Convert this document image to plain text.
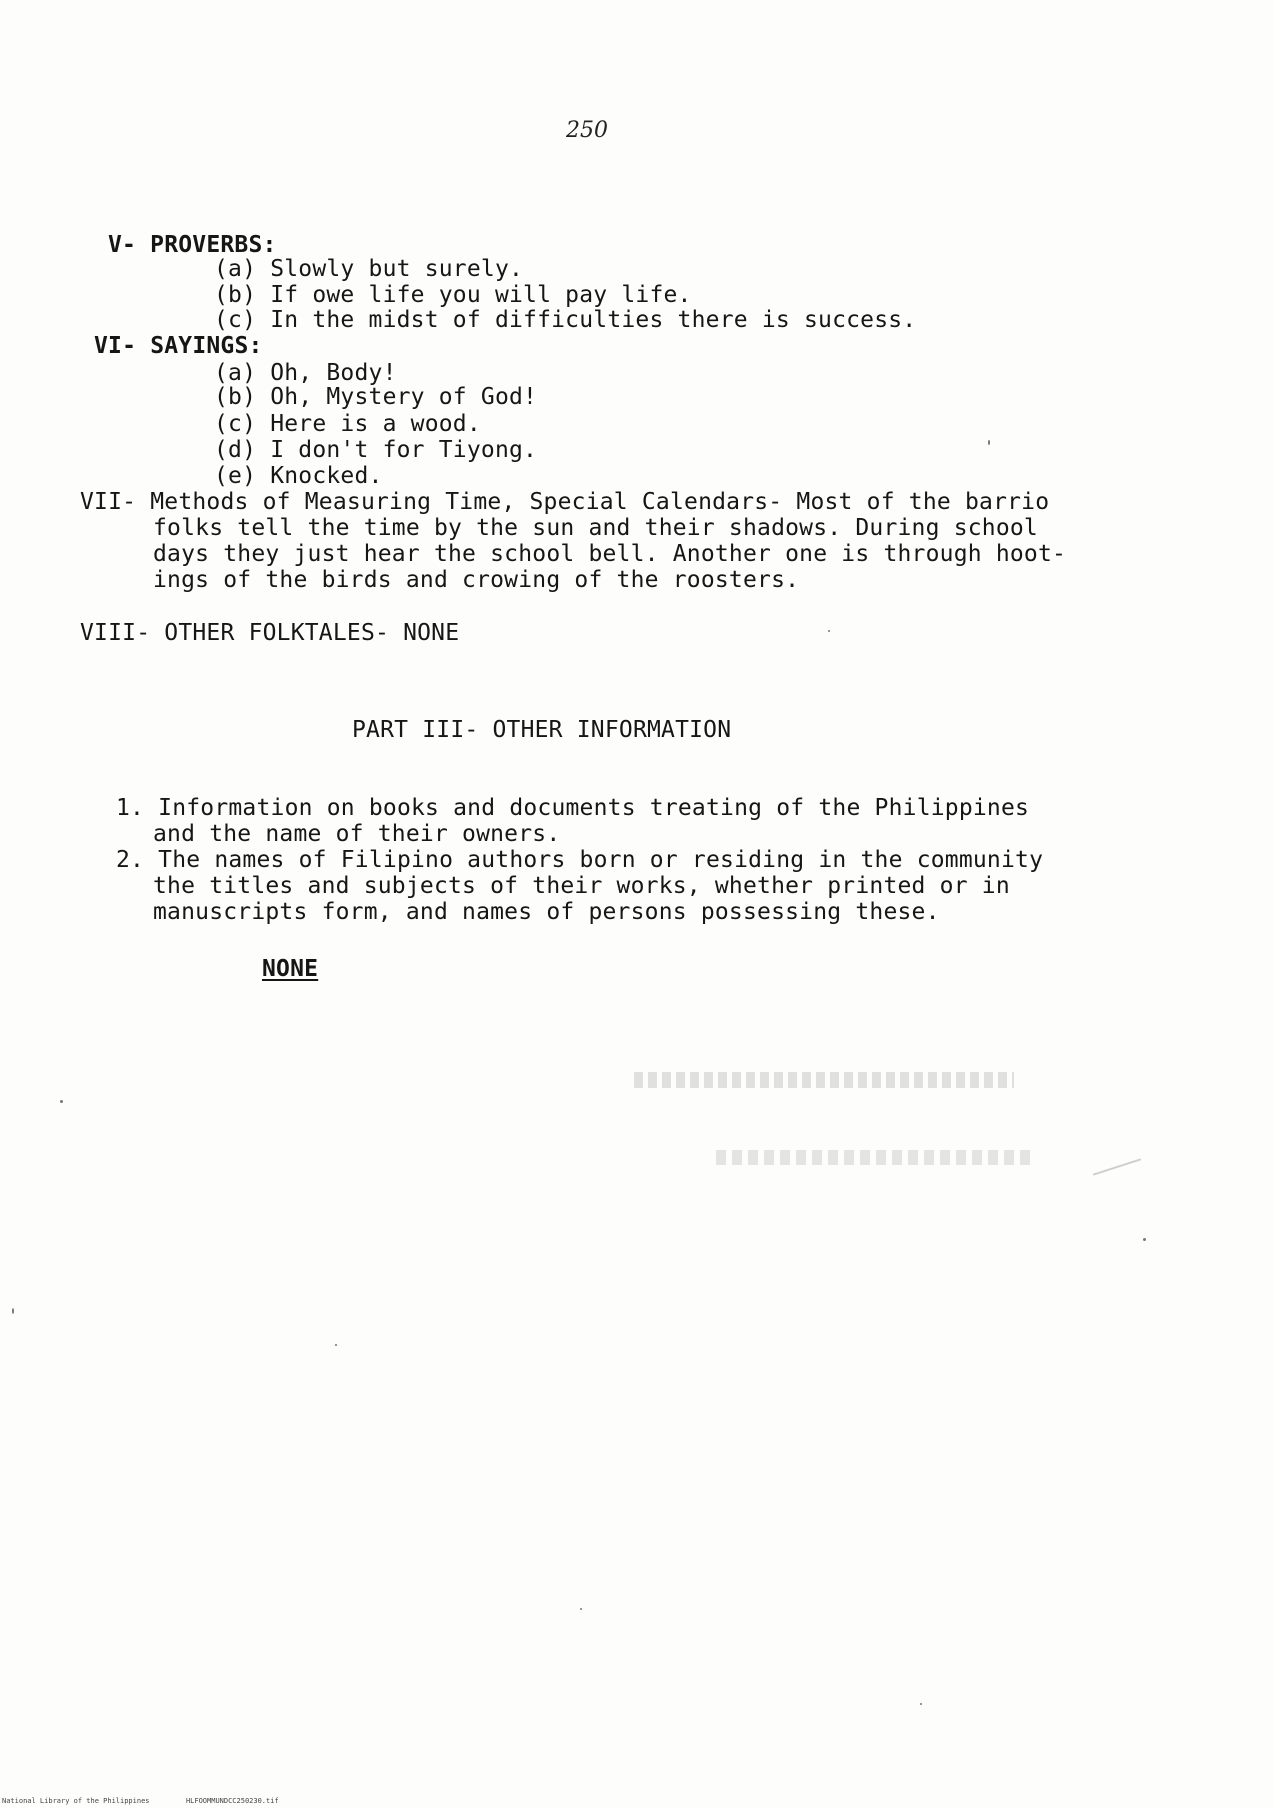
250
V- PROVERBS:
(a) Slowly but surely.
(b) If owe life you will pay life.
(c) In the midst of difficulties there is success.
VI- SAYINGS:
(a) Oh, Body!
(b) Oh, Mystery of God!
(c) Here is a wood.
(d) I don't for Tiyong.
(e) Knocked.
VII- Methods of Measuring Time, Special Calendars- Most of the barrio
folks tell the time by the sun and their shadows. During school
days they just hear the school bell. Another one is through hoot-
ings of the birds and crowing of the roosters.
VIII- OTHER FOLKTALES- NONE
PART III- OTHER INFORMATION
1. Information on books and documents treating of the Philippines
and the name of their owners.
2. The names of Filipino authors born or residing in the community
the titles and subjects of their works, whether printed or in
manuscripts form, and names of persons possessing these.
NONE
National Library of the Philippines	HLFOOMMUNDCC250230.tif
